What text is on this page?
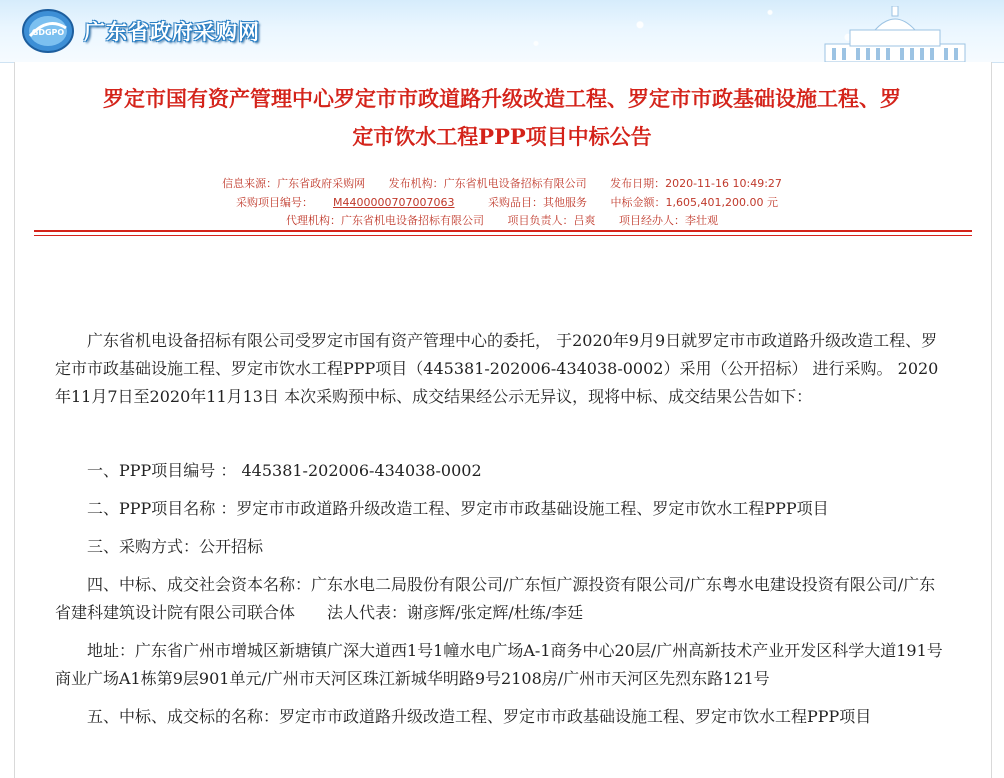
GDGPO 广东省政府采购网
罗定市国有资产管理中心罗定市市政道路升级改造工程、罗定市市政基础设施工程、罗
定市饮水工程PPP项目中标公告
信息来源：广东省政府采购网 发布机构：广东省机电设备招标有限公司 发布日期：2020-11-16 10:49:27
采购项目编号： M4400000707007063	采购品目：其他服务 中标金额：1,605,401,200.00 元
代理机构：广东省机电设备招标有限公司 项目负责人：吕爽 项目经办人：李壮观

广东省机电设备招标有限公司受罗定市国有资产管理中心的委托， 于2020年9月9日就罗定市市政道路升级改造工程、罗定市市政基础设施工程、罗定市饮水工程PPP项目（445381-202006-434038-0002）采用（公开招标） 进行采购。 2020年11月7日至2020年11月13日 本次采购预中标、成交结果经公示无异议，现将中标、成交结果公告如下：

一、PPP项目编号 ： 445381-202006-434038-0002

二、PPP项目名称 ：罗定市市政道路升级改造工程、罗定市市政基础设施工程、罗定市饮水工程PPP项目

三、采购方式：公开招标

四、中标、成交社会资本名称：广东水电二局股份有限公司/广东恒广源投资有限公司/广东粤水电建设投资有限公司/广东省建科建筑设计院有限公司联合体　　法人代表：谢彦辉/张定辉/杜练/李廷

地址：广东省广州市增城区新塘镇广深大道西1号1幢水电广场A-1商务中心20层/广州高新技术产业开发区科学大道191号商业广场A1栋第9层901单元/广州市天河区珠江新城华明路9号2108房/广州市天河区先烈东路121号

五、中标、成交标的名称：罗定市市政道路升级改造工程、罗定市市政基础设施工程、罗定市饮水工程PPP项目
